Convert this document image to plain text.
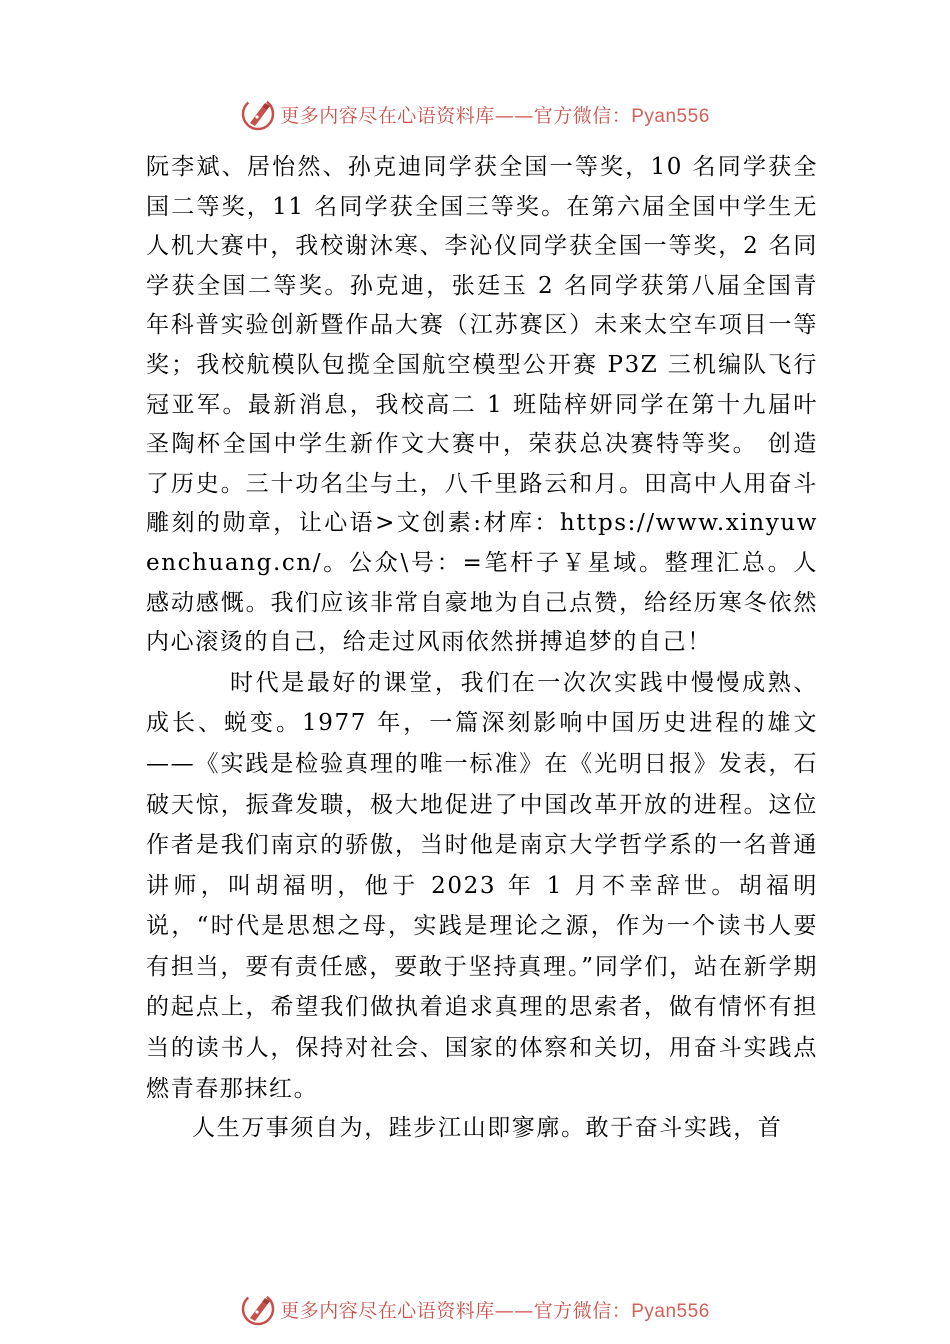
更多内容尽在心语资料库——官方微信：Pyan556

阮李斌、居怡然、孙克迪同学获全国一等奖，10 名同学获全国二等奖，11 名同学获全国三等奖。在第六届全国中学生无人机大赛中，我校谢沐寒、李沁仪同学获全国一等奖，2 名同学获全国二等奖。孙克迪，张廷玉 2 名同学获第八届全国青年科普实验创新暨作品大赛（江苏赛区）未来太空车项目一等奖；我校航模队包揽全国航空模型公开赛 P3Z 三机编队飞行冠亚军。最新消息，我校高二 1 班陆梓妍同学在第十九届叶圣陶杯全国中学生新作文大赛中，荣获总决赛特等奖。 创造了历史。三十功名尘与土，八千里路云和月。田高中人用奋斗雕刻的勋章，让心语>文创素:材库：https://www.xinyuwenchuang.cn/。公众\号：=笔杆子￥星域。整理汇总。人感动感慨。我们应该非常自豪地为自己点赞，给经历寒冬依然内心滚烫的自己，给走过风雨依然拼搏追梦的自己！

时代是最好的课堂，我们在一次次实践中慢慢成熟、成长、蜕变。1977 年，一篇深刻影响中国历史进程的雄文——《实践是检验真理的唯一标准》在《光明日报》发表，石破天惊，振聋发聩，极大地促进了中国改革开放的进程。这位作者是我们南京的骄傲，当时他是南京大学哲学系的一名普通讲师，叫胡福明，他于 2023 年 1 月不幸辞世。胡福明说，“时代是思想之母，实践是理论之源，作为一个读书人要有担当，要有责任感，要敢于坚持真理。”同学们，站在新学期的起点上，希望我们做执着追求真理的思索者，做有情怀有担当的读书人，保持对社会、国家的体察和关切，用奋斗实践点燃青春那抹红。

人生万事须自为，跬步江山即寥廓。敢于奋斗实践，首

更多内容尽在心语资料库——官方微信：Pyan556
